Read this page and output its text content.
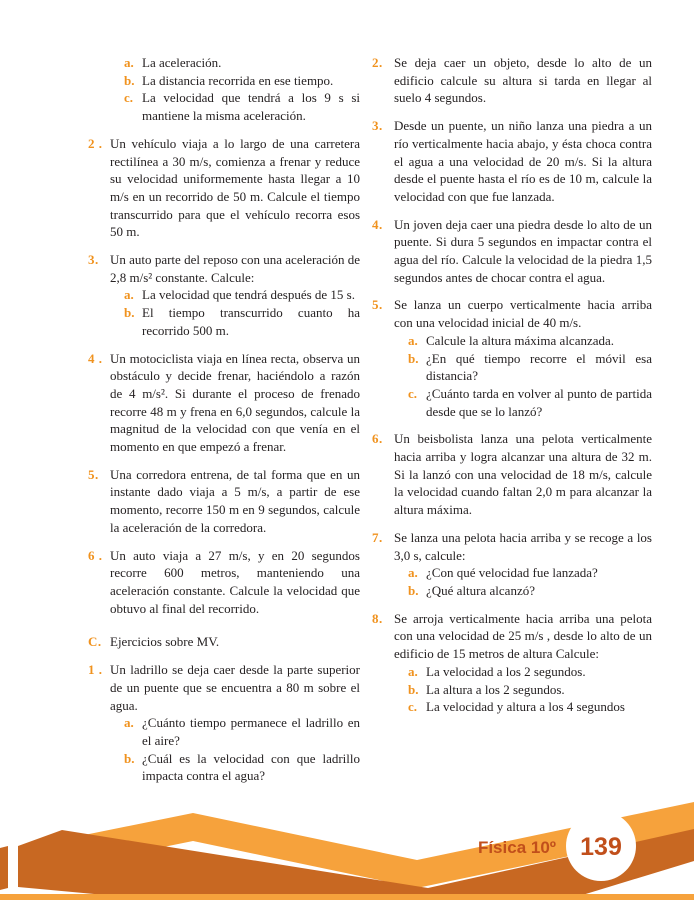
a. La aceleración.

b. La distancia recorrida en ese tiempo.

c. La velocidad que tendrá a los 9 s si mantiene la misma aceleración.

2 . Un vehículo viaja a lo largo de una carretera rectilínea a 30 m/s, comienza a frenar y reduce su velocidad uniformemente hasta llegar a 10 m/s en un recorrido de 50 m. Calcule el tiempo transcurrido para que el vehículo recorra esos 50 m.

3. Un auto parte del reposo con una aceleración de 2,8 m/s² constante. Calcule:

a. La velocidad que tendrá después de 15 s.

b. El tiempo transcurrido cuanto ha recorrido 500 m.

4 . Un motociclista viaja en línea recta, observa un obstáculo y decide frenar, haciéndolo a razón de 4 m/s². Si durante el proceso de frenado recorre 48 m y frena en 6,0 segundos, calcule la magnitud de la velocidad con que venía en el momento en que empezó a frenar.

5. Una corredora entrena, de tal forma que en un instante dado viaja a 5 m/s, a partir de ese momento, recorre 150 m en 9 segundos, calcule la aceleración de la corredora.

6 . Un auto viaja a 27 m/s, y en 20 segundos recorre 600 metros, manteniendo una aceleración constante. Calcule la velocidad que obtuvo al final del recorrido.

C. Ejercicios sobre MV.

1 . Un ladrillo se deja caer desde la parte superior de un puente que se encuentra a 80 m sobre el agua.

a. ¿Cuánto tiempo permanece el ladrillo en el aire?

b. ¿Cuál es la velocidad con que ladrillo impacta contra el agua?

2. Se deja caer un objeto, desde lo alto de un edificio calcule su altura si tarda en llegar al suelo 4 segundos.

3. Desde un puente, un niño lanza una piedra a un río verticalmente hacia abajo, y ésta choca contra el agua a una velocidad de 20 m/s. Si la altura desde el puente hasta el río es de 10 m, calcule la velocidad con que fue lanzada.

4. Un joven deja caer una piedra desde lo alto de un puente. Si dura 5 segundos en impactar contra el agua del río. Calcule la velocidad de la piedra 1,5 segundos antes de chocar contra el agua.

5. Se lanza un cuerpo verticalmente hacia arriba con una velocidad inicial de 40 m/s.

a. Calcule la altura máxima alcanzada.

b. ¿En qué tiempo recorre el móvil esa distancia?

c. ¿Cuánto tarda en volver al punto de partida desde que se lo lanzó?

6. Un beisbolista lanza una pelota verticalmente hacia arriba y logra alcanzar una altura de 32 m. Si la lanzó con una velocidad de 18 m/s, calcule la velocidad cuando faltan 2,0 m para alcanzar la altura máxima.

7. Se lanza una pelota hacia arriba y se recoge a los 3,0 s, calcule:

a. ¿Con qué velocidad fue lanzada?

b. ¿Qué altura alcanzó?

8. Se arroja verticalmente hacia arriba una pelota con una velocidad de 25 m/s , desde lo alto de un edificio de 15 metros de altura Calcule:

a. La velocidad a los 2 segundos.

b. La altura a los 2 segundos.

c. La velocidad y altura a los 4 segundos

Física 10º 139
